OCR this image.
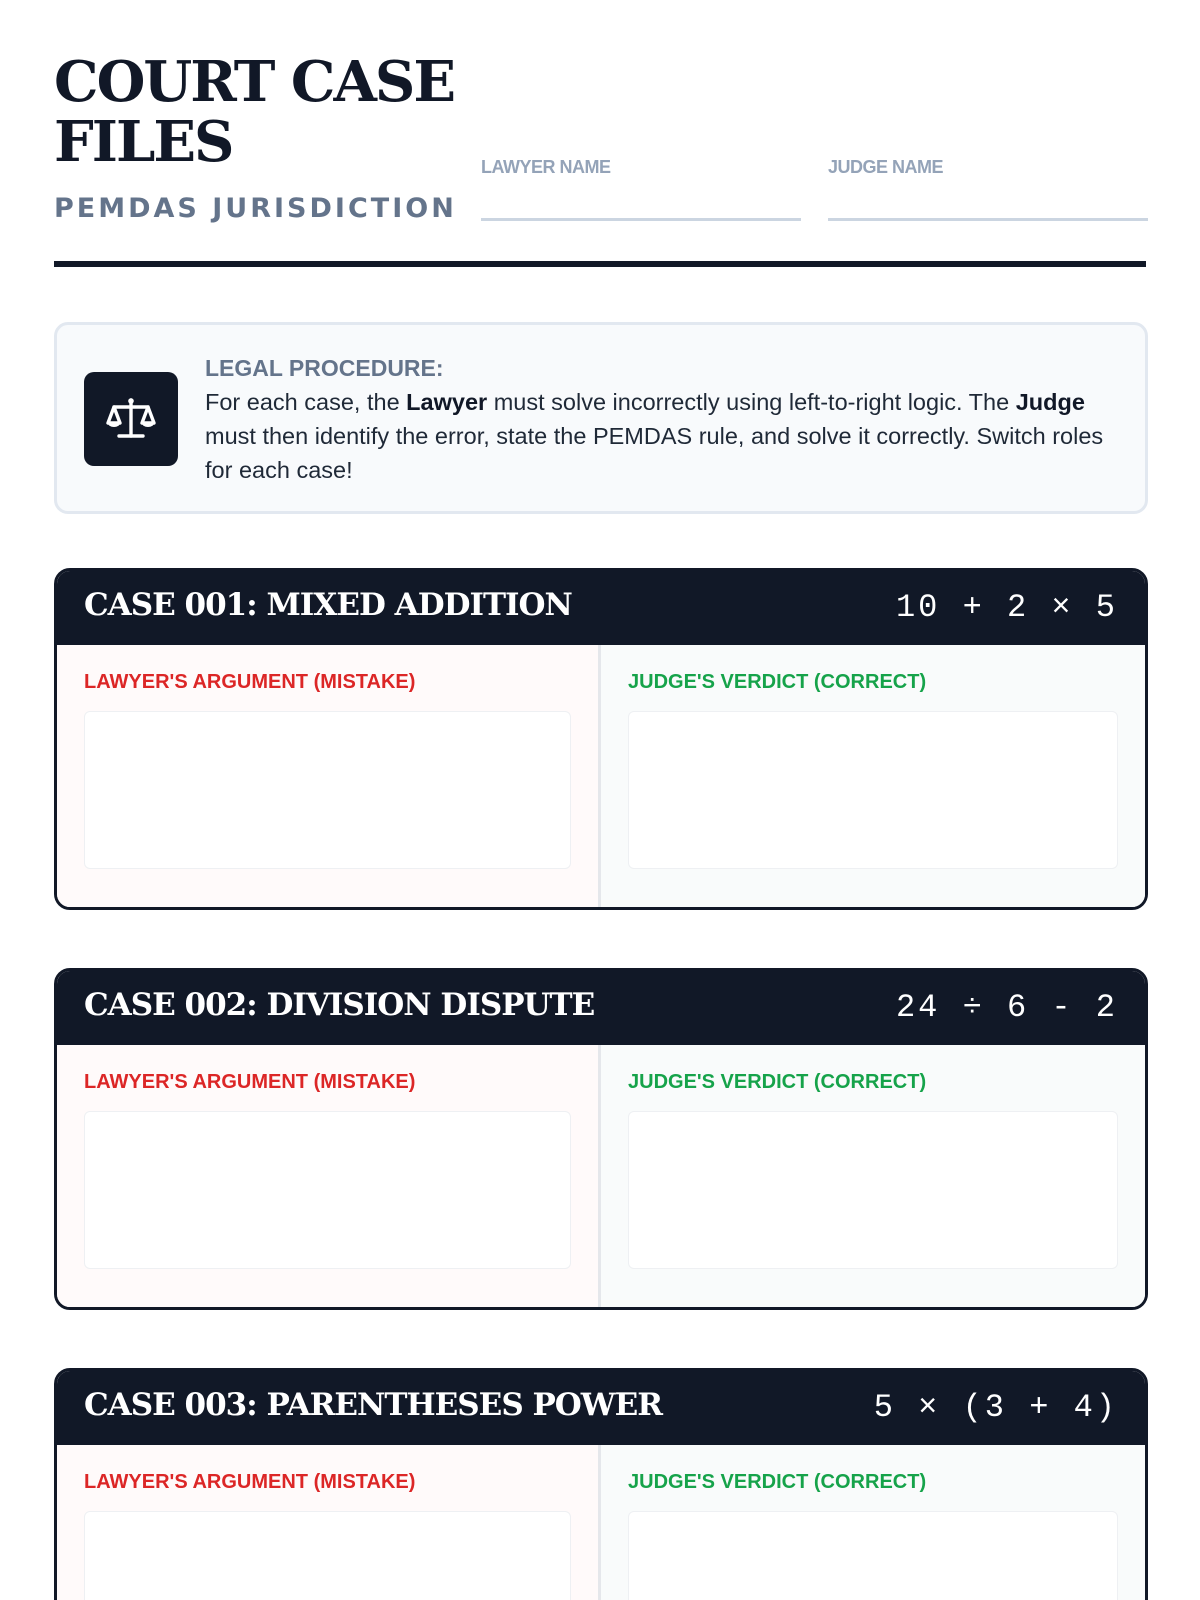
COURT CASE
FILES
PEMDAS JURISDICTION
LAWYER NAME	JUDGE NAME
LEGAL PROCEDURE:
For each case, the Lawyer must solve incorrectly using left-to-right logic. The Judge must then identify the error, state the PEMDAS rule, and solve it correctly. Switch roles for each case!
CASE 001: MIXED ADDITION	10 + 2 × 5
LAWYER'S ARGUMENT (MISTAKE)	JUDGE'S VERDICT (CORRECT)
CASE 002: DIVISION DISPUTE	24 ÷ 6 - 2
LAWYER'S ARGUMENT (MISTAKE)	JUDGE'S VERDICT (CORRECT)
CASE 003: PARENTHESES POWER	5 × (3 + 4)
LAWYER'S ARGUMENT (MISTAKE)	JUDGE'S VERDICT (CORRECT)
